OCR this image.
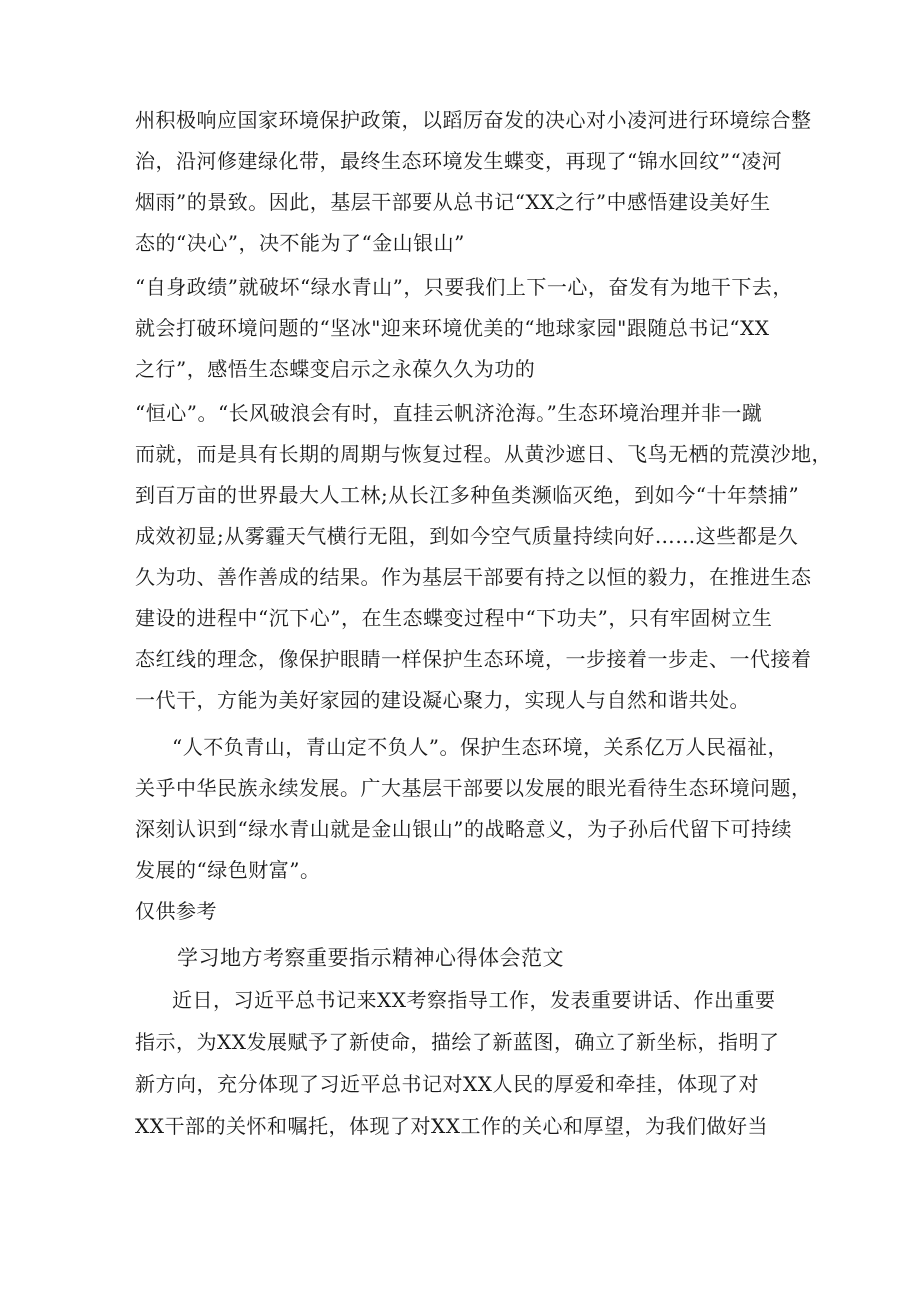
州积极响应国家环境保护政策，以蹈厉奋发的决心对小凌河进行环境综合整
治，沿河修建绿化带，最终生态环境发生蝶变，再现了“锦水回纹”“凌河
烟雨”的景致。因此，基层干部要从总书记“XX之行”中感悟建设美好生
态的“决心”，决不能为了“金山银山”
“自身政绩”就破坏“绿水青山”，只要我们上下一心，奋发有为地干下去，
就会打破环境问题的“坚冰"迎来环境优美的“地球家园"跟随总书记“XX
之行”，感悟生态蝶变启示之永葆久久为功的
“恒心”。“长风破浪会有时，直挂云帆济沧海。”生态环境治理并非一蹴
而就，而是具有长期的周期与恢复过程。从黄沙遮日、飞鸟无栖的荒漠沙地，
到百万亩的世界最大人工林;从长江多种鱼类濒临灭绝，到如今“十年禁捕”
成效初显;从雾霾天气横行无阻，到如今空气质量持续向好……这些都是久
久为功、善作善成的结果。作为基层干部要有持之以恒的毅力，在推进生态
建设的进程中“沉下心”，在生态蝶变过程中“下功夫”，只有牢固树立生
态红线的理念，像保护眼睛一样保护生态环境，一步接着一步走、一代接着
一代干，方能为美好家园的建设凝心聚力，实现人与自然和谐共处。
“人不负青山，青山定不负人”。保护生态环境，关系亿万人民福祉，
关乎中华民族永续发展。广大基层干部要以发展的眼光看待生态环境问题，
深刻认识到“绿水青山就是金山银山”的战略意义，为子孙后代留下可持续
发展的“绿色财富”。
仅供参考
学习地方考察重要指示精神心得体会范文
近日，习近平总书记来XX考察指导工作，发表重要讲话、作出重要
指示，为XX发展赋予了新使命，描绘了新蓝图，确立了新坐标，指明了
新方向，充分体现了习近平总书记对XX人民的厚爱和牵挂，体现了对
XX干部的关怀和嘱托，体现了对XX工作的关心和厚望，为我们做好当
